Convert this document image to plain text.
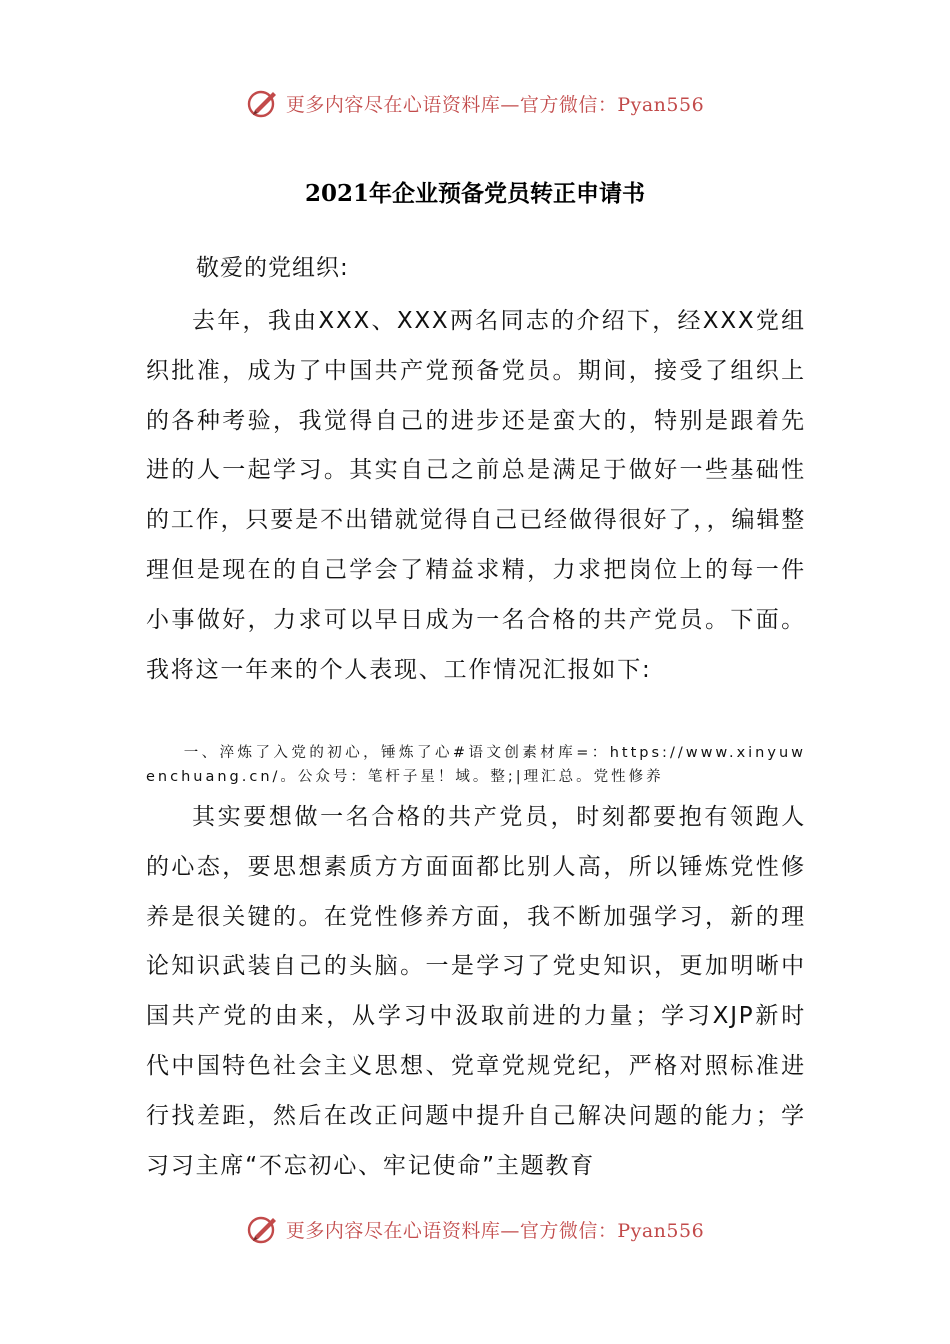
更多内容尽在心语资料库—官方微信：Pyan556
2021年企业预备党员转正申请书

敬爱的党组织:

去年，我由XXX、XXX两名同志的介绍下，经XXX党组织批准，成为了中国共产党预备党员。期间，接受了组织上的各种考验，我觉得自己的进步还是蛮大的，特别是跟着先进的人一起学习。其实自己之前总是满足于做好一些基础性的工作，只要是不出错就觉得自己已经做得很好了，，编辑整理但是现在的自己学会了精益求精，力求把岗位上的每一件小事做好，力求可以早日成为一名合格的共产党员。下面。我将这一年来的个人表现、工作情况汇报如下:

一、淬炼了入党的初心，锤炼了心#语文创素材库=：https://www.xinyuwenchuang.cn/。公众号：笔杆子星！域。整;|理汇总。党性修养

其实要想做一名合格的共产党员，时刻都要抱有领跑人的心态，要思想素质方方面面都比别人高，所以锤炼党性修养是很关键的。在党性修养方面，我不断加强学习，新的理论知识武装自己的头脑。一是学习了党史知识，更加明晰中国共产党的由来，从学习中汲取前进的力量；学习XJP新时代中国特色社会主义思想、党章党规党纪，严格对照标准进行找差距，然后在改正问题中提升自己解决问题的能力；学习习主席“不忘初心、牢记使命”主题教育

更多内容尽在心语资料库—官方微信：Pyan556
